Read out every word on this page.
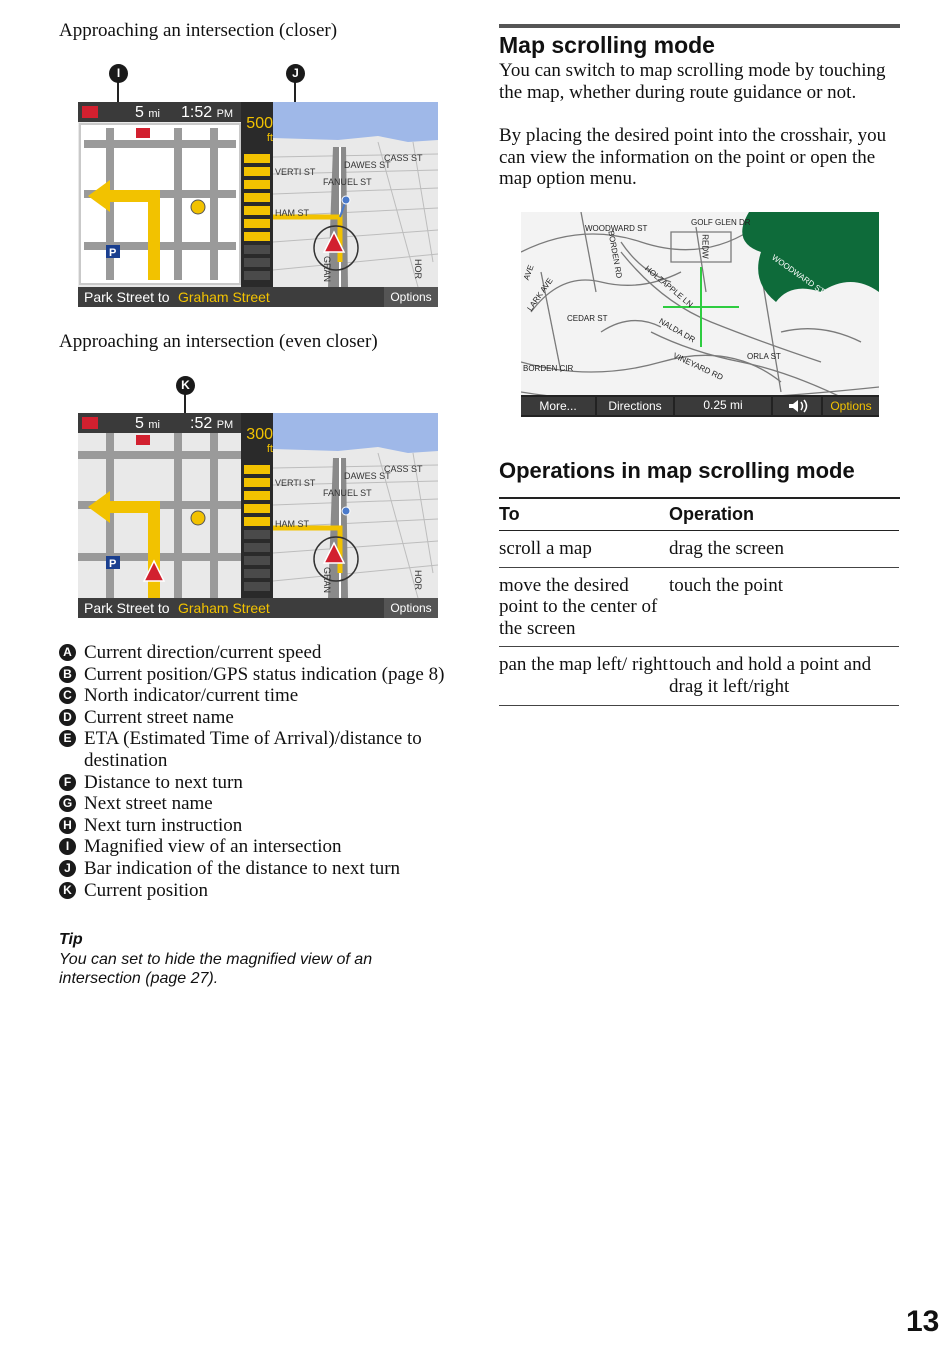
Approaching an intersection (closer)
I	J
P
5 mi 1:52 PM
500
ft
VERTI ST
DAWES ST
CASS ST
FANUEL ST
HAM ST
GRAN	HOR
Park Street to Graham Street	Options
Approaching an intersection (even closer)
K
P
5 mi :52 PM
300
ft
VERTI ST
DAWES ST
CASS ST
FANUEL ST
HAM ST
GRAN	HOR
Park Street to Graham Street	Options
A Current direction/current speed
B Current position/GPS status indication (page 8)
C North indicator/current time
D Current street name
E ETA (Estimated Time of Arrival)/distance to destination
F Distance to next turn
G Next street name
H Next turn instruction
I Magnified view of an intersection
J Bar indication of the distance to next turn
K Current position
Tip
You can set to hide the magnified view of an intersection (page 27).
Map scrolling mode
You can switch to map scrolling mode by touching the map, whether during route guidance or not.
By placing the desired point into the crosshair, you can view the information on the point or open the map option menu.
WOODWARD ST
GOLF GLEN DR
BORDEN RD	REDW
WOODWARD ST
HOLZAPPLE LN
CEDAR ST	NALDA DR
ORLA ST
BORDEN CIR	VINEYARD RD
AVE
LARK AVE
More...	Directions	0.25 mi	Options
Operations in map scrolling mode
To	Operation
scroll a map	drag the screen
move the desired point to the center of the screen	touch the point
pan the map left/ right	touch and hold a point and drag it left/right
13
